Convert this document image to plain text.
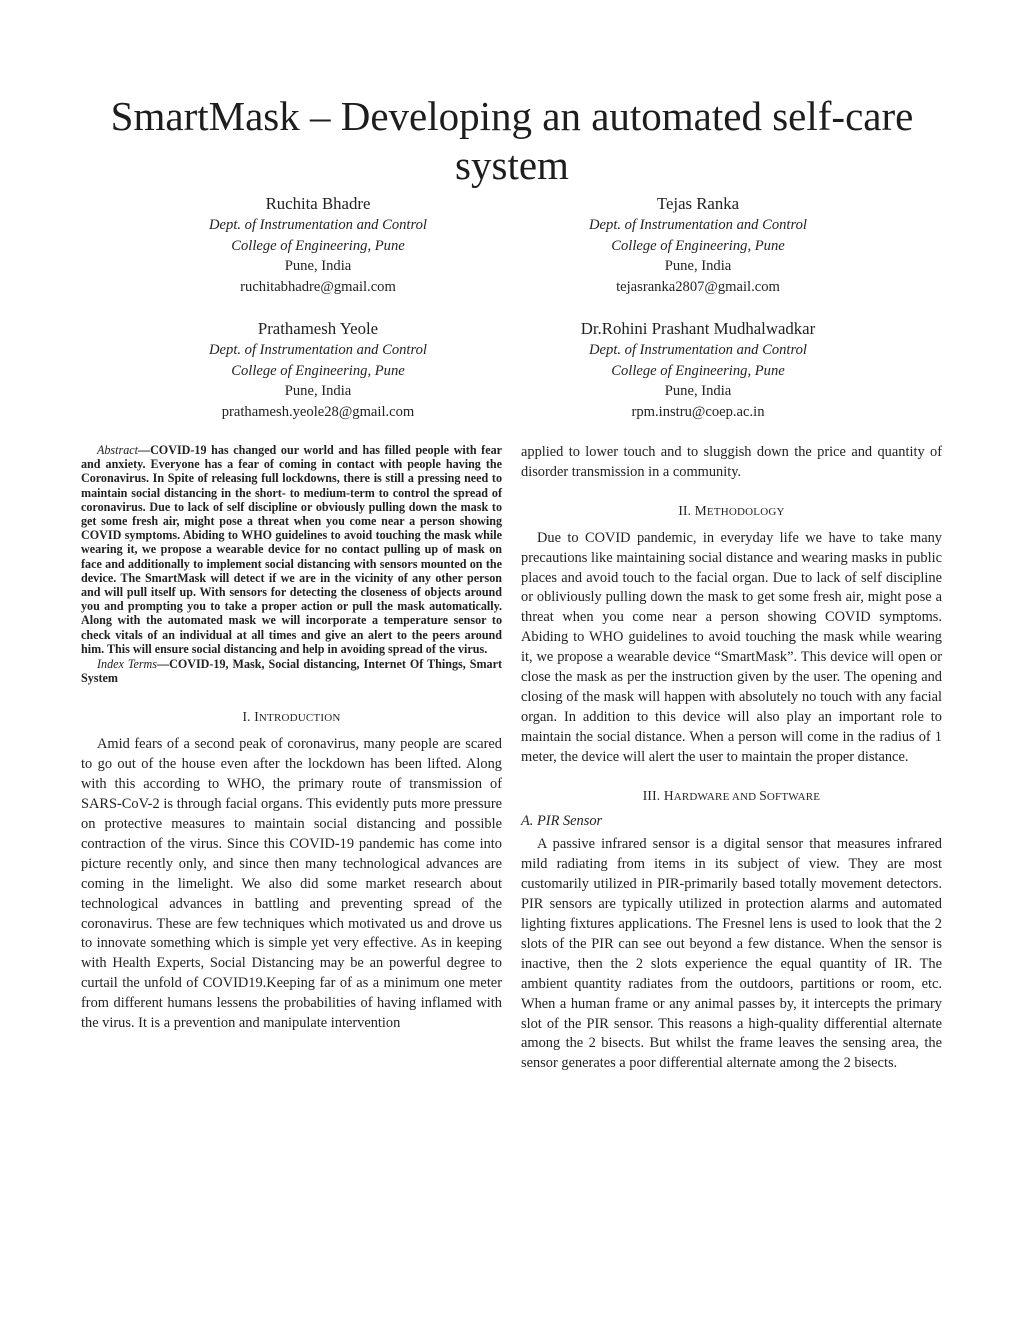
SmartMask – Developing an automated self-care system
Ruchita Bhadre
Dept. of Instrumentation and Control
College of Engineering, Pune
Pune, India
ruchitabhadre@gmail.com
Tejas Ranka
Dept. of Instrumentation and Control
College of Engineering, Pune
Pune, India
tejasranka2807@gmail.com
Prathamesh Yeole
Dept. of Instrumentation and Control
College of Engineering, Pune
Pune, India
prathamesh.yeole28@gmail.com
Dr.Rohini Prashant Mudhalwadkar
Dept. of Instrumentation and Control
College of Engineering, Pune
Pune, India
rpm.instru@coep.ac.in

Abstract—COVID-19 has changed our world and has filled people with fear and anxiety. Everyone has a fear of coming in contact with people having the Coronavirus. In Spite of releasing full lockdowns, there is still a pressing need to maintain social distancing in the short- to medium-term to control the spread of coronavirus. Due to lack of self discipline or obviously pulling down the mask to get some fresh air, might pose a threat when you come near a person showing COVID symptoms. Abiding to WHO guidelines to avoid touching the mask while wearing it, we propose a wearable device for no contact pulling up of mask on face and additionally to implement social distancing with sensors mounted on the device. The SmartMask will detect if we are in the vicinity of any other person and will pull itself up. With sensors for detecting the closeness of objects around you and prompting you to take a proper action or pull the mask automatically. Along with the automated mask we will incorporate a temperature sensor to check vitals of an individual at all times and give an alert to the peers around him. This will ensure social distancing and help in avoiding spread of the virus.

Index Terms—COVID-19, Mask, Social distancing, Internet Of Things, Smart System

I. INTRODUCTION

Amid fears of a second peak of coronavirus, many people are scared to go out of the house even after the lockdown has been lifted. Along with this according to WHO, the primary route of transmission of SARS-CoV-2 is through facial organs. This evidently puts more pressure on protective measures to maintain social distancing and possible contraction of the virus. Since this COVID-19 pandemic has come into picture recently only, and since then many technological advances are coming in the limelight. We also did some market research about technological advances in battling and preventing spread of the coronavirus. These are few techniques which motivated us and drove us to innovate something which is simple yet very effective. As in keeping with Health Experts, Social Distancing may be an powerful degree to curtail the unfold of COVID19.Keeping far of as a minimum one meter from different humans lessens the probabilities of having inflamed with the virus. It is a prevention and manipulate intervention

applied to lower touch and to sluggish down the price and quantity of disorder transmission in a community.

II. METHODOLOGY

Due to COVID pandemic, in everyday life we have to take many precautions like maintaining social distance and wearing masks in public places and avoid touch to the facial organ. Due to lack of self discipline or obliviously pulling down the mask to get some fresh air, might pose a threat when you come near a person showing COVID symptoms. Abiding to WHO guidelines to avoid touching the mask while wearing it, we propose a wearable device “SmartMask”. This device will open or close the mask as per the instruction given by the user. The opening and closing of the mask will happen with absolutely no touch with any facial organ. In addition to this device will also play an important role to maintain the social distance. When a person will come in the radius of 1 meter, the device will alert the user to maintain the proper distance.

III. HARDWARE AND SOFTWARE

A. PIR Sensor

A passive infrared sensor is a digital sensor that measures infrared mild radiating from items in its subject of view. They are most customarily utilized in PIR-primarily based totally movement detectors. PIR sensors are typically utilized in protection alarms and automated lighting fixtures applications. The Fresnel lens is used to look that the 2 slots of the PIR can see out beyond a few distance. When the sensor is inactive, then the 2 slots experience the equal quantity of IR. The ambient quantity radiates from the outdoors, partitions or room, etc. When a human frame or any animal passes by, it intercepts the primary slot of the PIR sensor. This reasons a high-quality differential alternate among the 2 bisects. But whilst the frame leaves the sensing area, the sensor generates a poor differential alternate among the 2 bisects.
